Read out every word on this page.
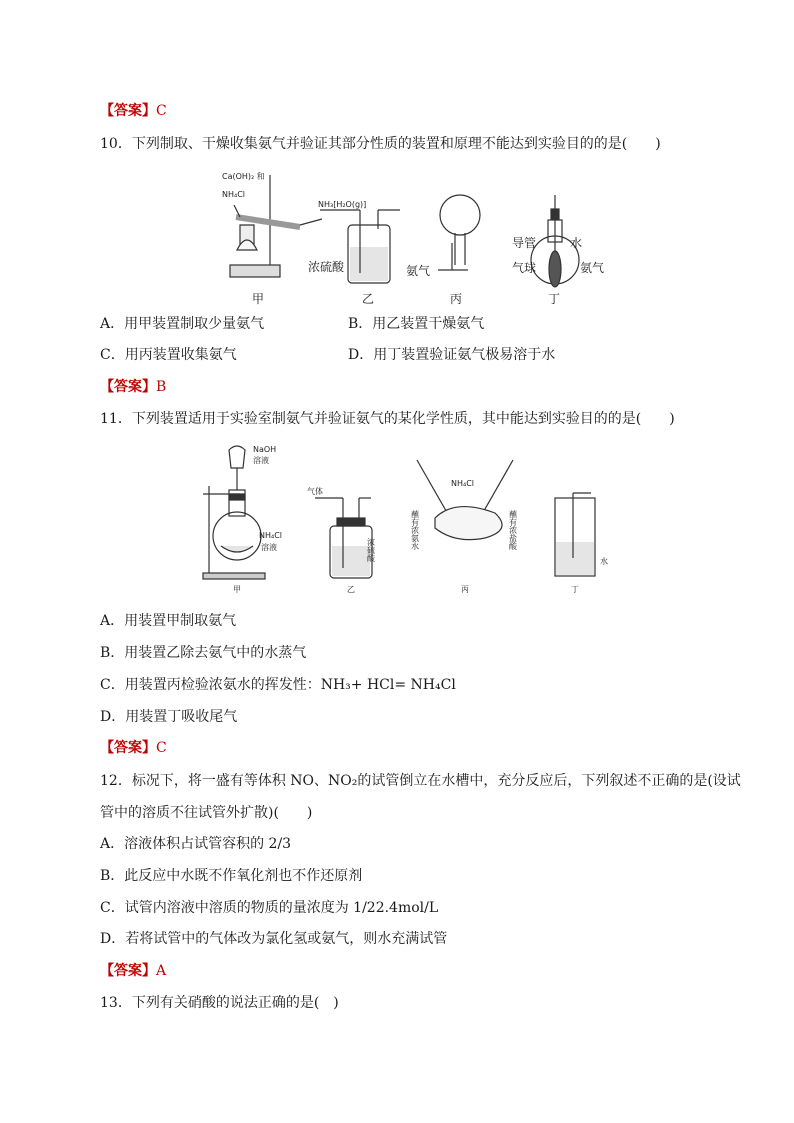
【答案】C
10．下列制取、干燥收集氨气并验证其部分性质的装置和原理不能达到实验目的的是(　　)
Ca(OH)₂ 和
NH₄Cl
NH₃[H₂O(g)]
浓硫酸	氨气
导管	水
气球	氨气
甲	乙	丙	丁
A．用甲装置制取少量氨气	B．用乙装置干燥氨气
C．用丙装置收集氨气	D．用丁装置验证氨气极易溶于水
【答案】B
11．下列装置适用于实验室制氨气并验证氨气的某化学性质，其中能达到实验目的的是(　　)
NaOH
溶液
NH₄Cl
溶液
气体
浓硫酸
NH₄Cl
蘸有浓氨水	蘸有浓盐酸
水
甲	乙	丙	丁
A．用装置甲制取氨气
B．用装置乙除去氨气中的水蒸气
C．用装置丙检验浓氨水的挥发性：NH₃+ HCl= NH₄Cl
D．用装置丁吸收尾气
【答案】C
12．标况下，将一盛有等体积 NO、NO₂的试管倒立在水槽中，充分反应后，下列叙述不正确的是(设试
管中的溶质不往试管外扩散)(　　)
A．溶液体积占试管容积的 2/3
B．此反应中水既不作氧化剂也不作还原剂
C．试管内溶液中溶质的物质的量浓度为 1/22.4mol/L
D．若将试管中的气体改为氯化氢或氨气，则水充满试管
【答案】A
13．下列有关硝酸的说法正确的是(　)
